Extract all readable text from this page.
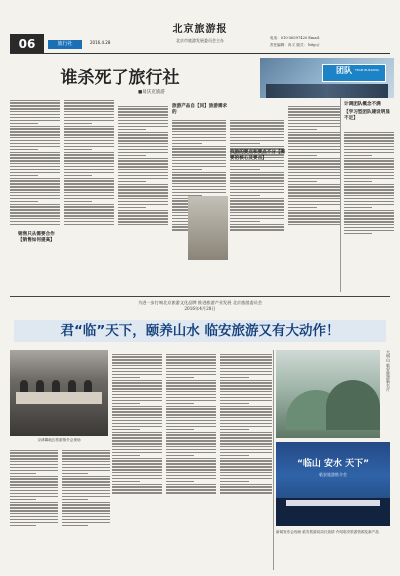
06	旅行社	2016.4.28
北京旅游报
北京市旅游发展委员会主办	电话：010-56597420 Email：
责任编辑：冉义 版式： http://
谁杀死了旅行社
■易沃克旅游
团队 TEAM BUILDING
旅游产品自【问】旅游需求的
找旅的要点和要点不分【需要的核心及要点】
计调团队概念不满
【学习型团队建设明显不足】
销售只从需要合作【销售如何提高】
为进一步打响北京旅游文化品牌 推进旅游产业发展 北京旅游委员会
2016年4月28日
君“临”天下，颐养山水 临安旅游又有大动作！
京津冀地区旅游推介会现场
大明山 临安旅游新名片
“临山 安水 天下”
临安旅游推介会
新闻发布会现场 临安旅游局局长致辞 介绍临安旅游资源及新产品
